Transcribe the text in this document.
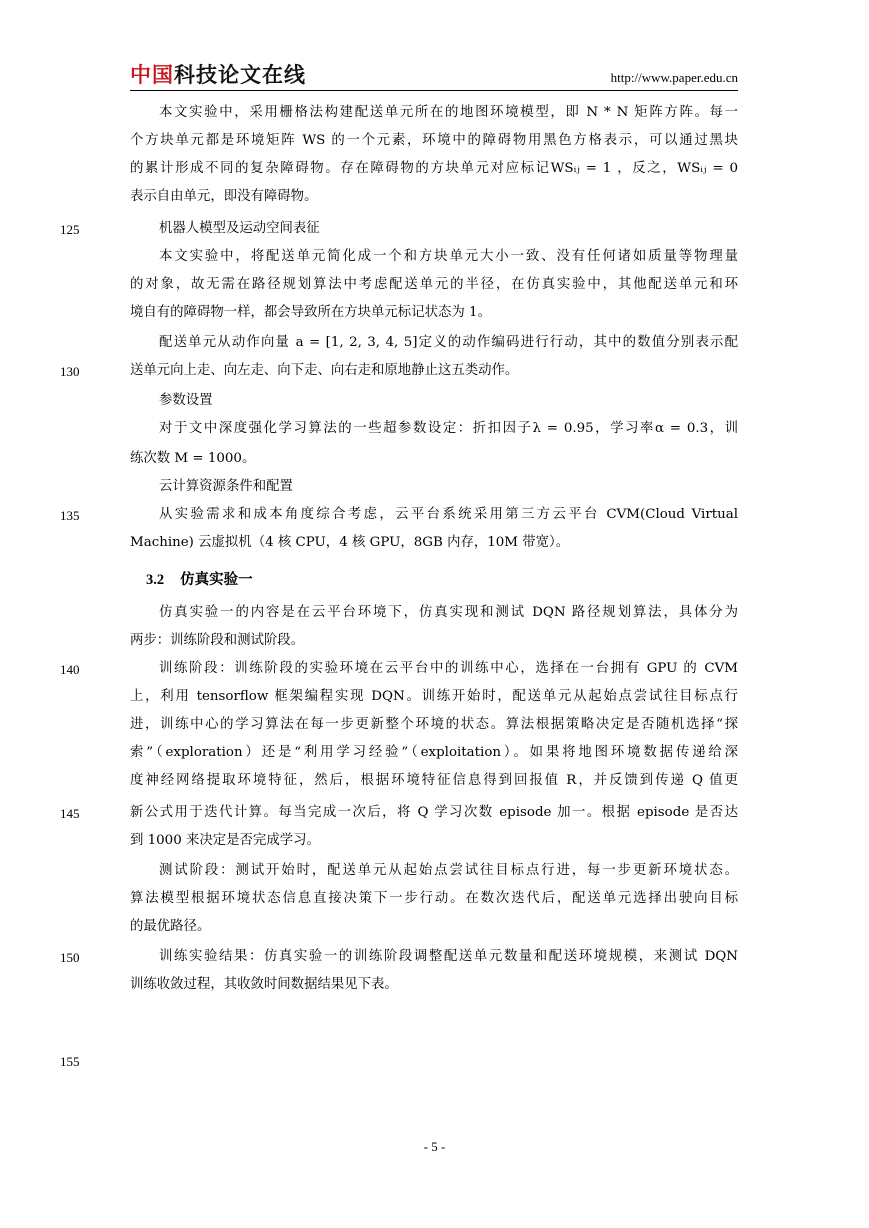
中国科技论文在线	http://www.paper.edu.cn
本文实验中，采用栅格法构建配送单元所在的地图环境模型，即 N * N 矩阵方阵。每一
个方块单元都是环境矩阵 WS 的一个元素，环境中的障碍物用黑色方格表示，可以通过黑块
的累计形成不同的复杂障碍物。存在障碍物的方块单元对应标记WSᵢⱼ = 1 ，反之，WSᵢⱼ = 0
表示自由单元，即没有障碍物。
125	机器人模型及运动空间表征
本文实验中，将配送单元简化成一个和方块单元大小一致、没有任何诸如质量等物理量
的对象，故无需在路径规划算法中考虑配送单元的半径，在仿真实验中，其他配送单元和环
境自有的障碍物一样，都会导致所在方块单元标记状态为 1。
配送单元从动作向量 a = [1, 2, 3, 4, 5]定义的动作编码进行行动，其中的数值分别表示配
130	送单元向上走、向左走、向下走、向右走和原地静止这五类动作。
参数设置
对于文中深度强化学习算法的一些超参数设定：折扣因子λ = 0.95，学习率α = 0.3，训
练次数 M = 1000。
云计算资源条件和配置
135	从实验需求和成本角度综合考虑，云平台系统采用第三方云平台 CVM(Cloud Virtual
Machine) 云虚拟机（4 核 CPU，4 核 GPU，8GB 内存，10M 带宽）。
3.2 仿真实验一
仿真实验一的内容是在云平台环境下，仿真实现和测试 DQN 路径规划算法，具体分为
两步：训练阶段和测试阶段。
140	训练阶段：训练阶段的实验环境在云平台中的训练中心，选择在一台拥有 GPU 的 CVM
上，利用 tensorflow 框架编程实现 DQN。训练开始时，配送单元从起始点尝试往目标点行
进，训练中心的学习算法在每一步更新整个环境的状态。算法根据策略决定是否随机选择“探
索”（exploration）还是“利用学习经验”（exploitation）。如果将地图环境数据传递给深
度神经网络提取环境特征，然后，根据环境特征信息得到回报值 R，并反馈到传递 Q 值更
145	新公式用于迭代计算。每当完成一次后，将 Q 学习次数 episode 加一。根据 episode 是否达
到 1000 来决定是否完成学习。
测试阶段：测试开始时，配送单元从起始点尝试往目标点行进，每一步更新环境状态。
算法模型根据环境状态信息直接决策下一步行动。在数次迭代后，配送单元选择出驶向目标
的最优路径。
150	训练实验结果：仿真实验一的训练阶段调整配送单元数量和配送环境规模，来测试 DQN
训练收敛过程，其收敛时间数据结果见下表。
155
- 5 -
